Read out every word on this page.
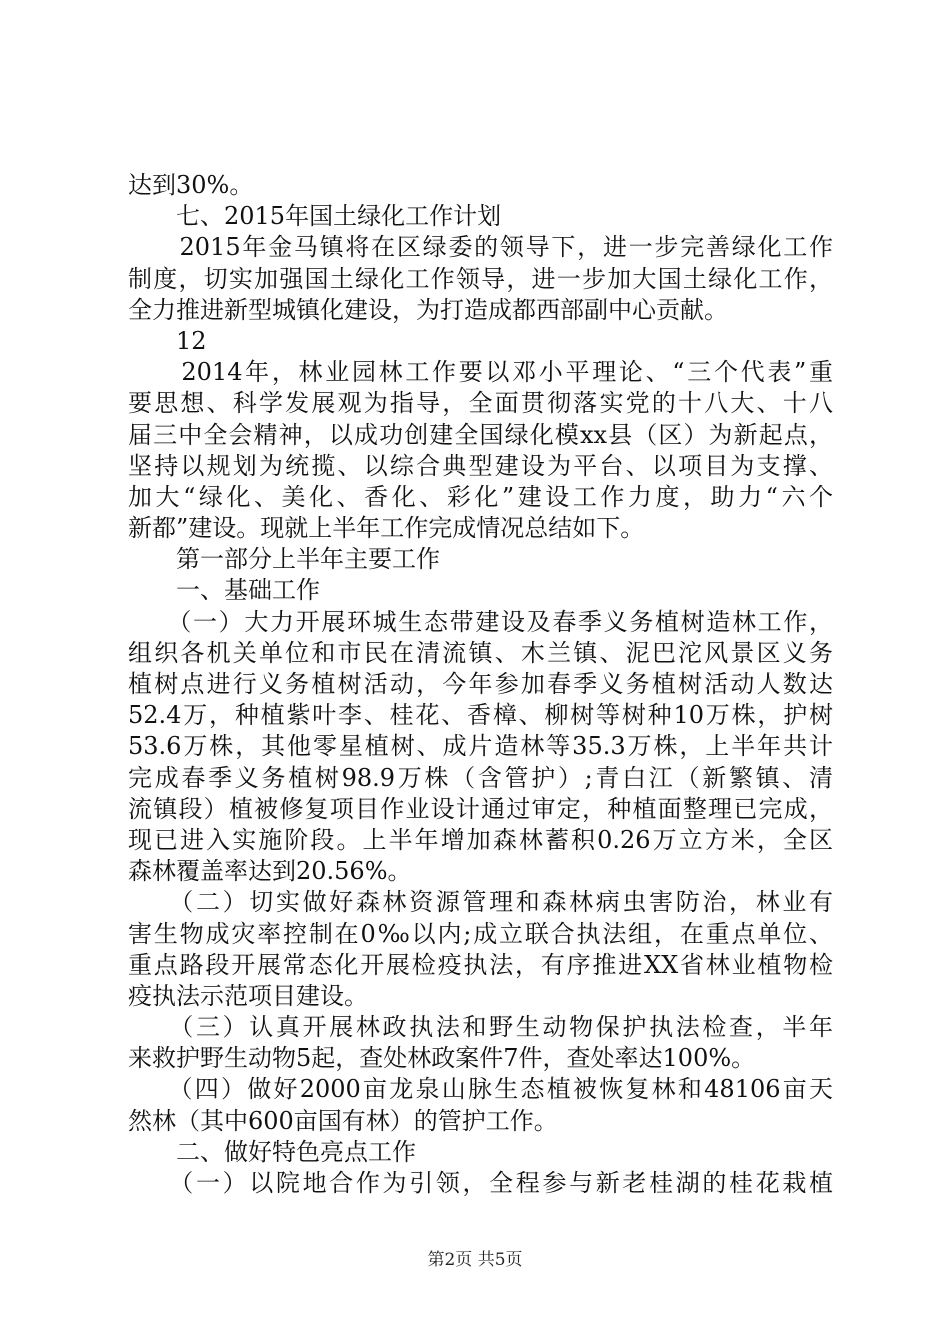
达到30%。
　　七、2015年国土绿化工作计划
　　2015年金马镇将在区绿委的领导下，进一步完善绿化工作
制度，切实加强国土绿化工作领导，进一步加大国土绿化工作，
全力推进新型城镇化建设，为打造成都西部副中心贡献。
　　12
　　2014年，林业园林工作要以邓小平理论、“三个代表”重
要思想、科学发展观为指导，全面贯彻落实党的十八大、十八
届三中全会精神，以成功创建全国绿化模xx县（区）为新起点，
坚持以规划为统揽、以综合典型建设为平台、以项目为支撑、
加大“绿化、美化、香化、彩化”建设工作力度，助力“六个
新都”建设。现就上半年工作完成情况总结如下。
　　第一部分上半年主要工作
　　一、基础工作
　　（一）大力开展环城生态带建设及春季义务植树造林工作，
组织各机关单位和市民在清流镇、木兰镇、泥巴沱风景区义务
植树点进行义务植树活动，今年参加春季义务植树活动人数达
52.4万，种植紫叶李、桂花、香樟、柳树等树种10万株，护树
53.6万株，其他零星植树、成片造林等35.3万株，上半年共计
完成春季义务植树98.9万株（含管护）;青白江（新繁镇、清
流镇段）植被修复项目作业设计通过审定，种植面整理已完成，
现已进入实施阶段。上半年增加森林蓄积0.26万立方米，全区
森林覆盖率达到20.56%。
　　（二）切实做好森林资源管理和森林病虫害防治，林业有
害生物成灾率控制在0‰以内;成立联合执法组，在重点单位、
重点路段开展常态化开展检疫执法，有序推进XX省林业植物检
疫执法示范项目建设。
　　（三）认真开展林政执法和野生动物保护执法检查，半年
来救护野生动物5起，查处林政案件7件，查处率达100%。
　　（四）做好2000亩龙泉山脉生态植被恢复林和48106亩天
然林（其中600亩国有林）的管护工作。
　　二、做好特色亮点工作
　　（一）以院地合作为引领，全程参与新老桂湖的桂花栽植
第2页 共5页
